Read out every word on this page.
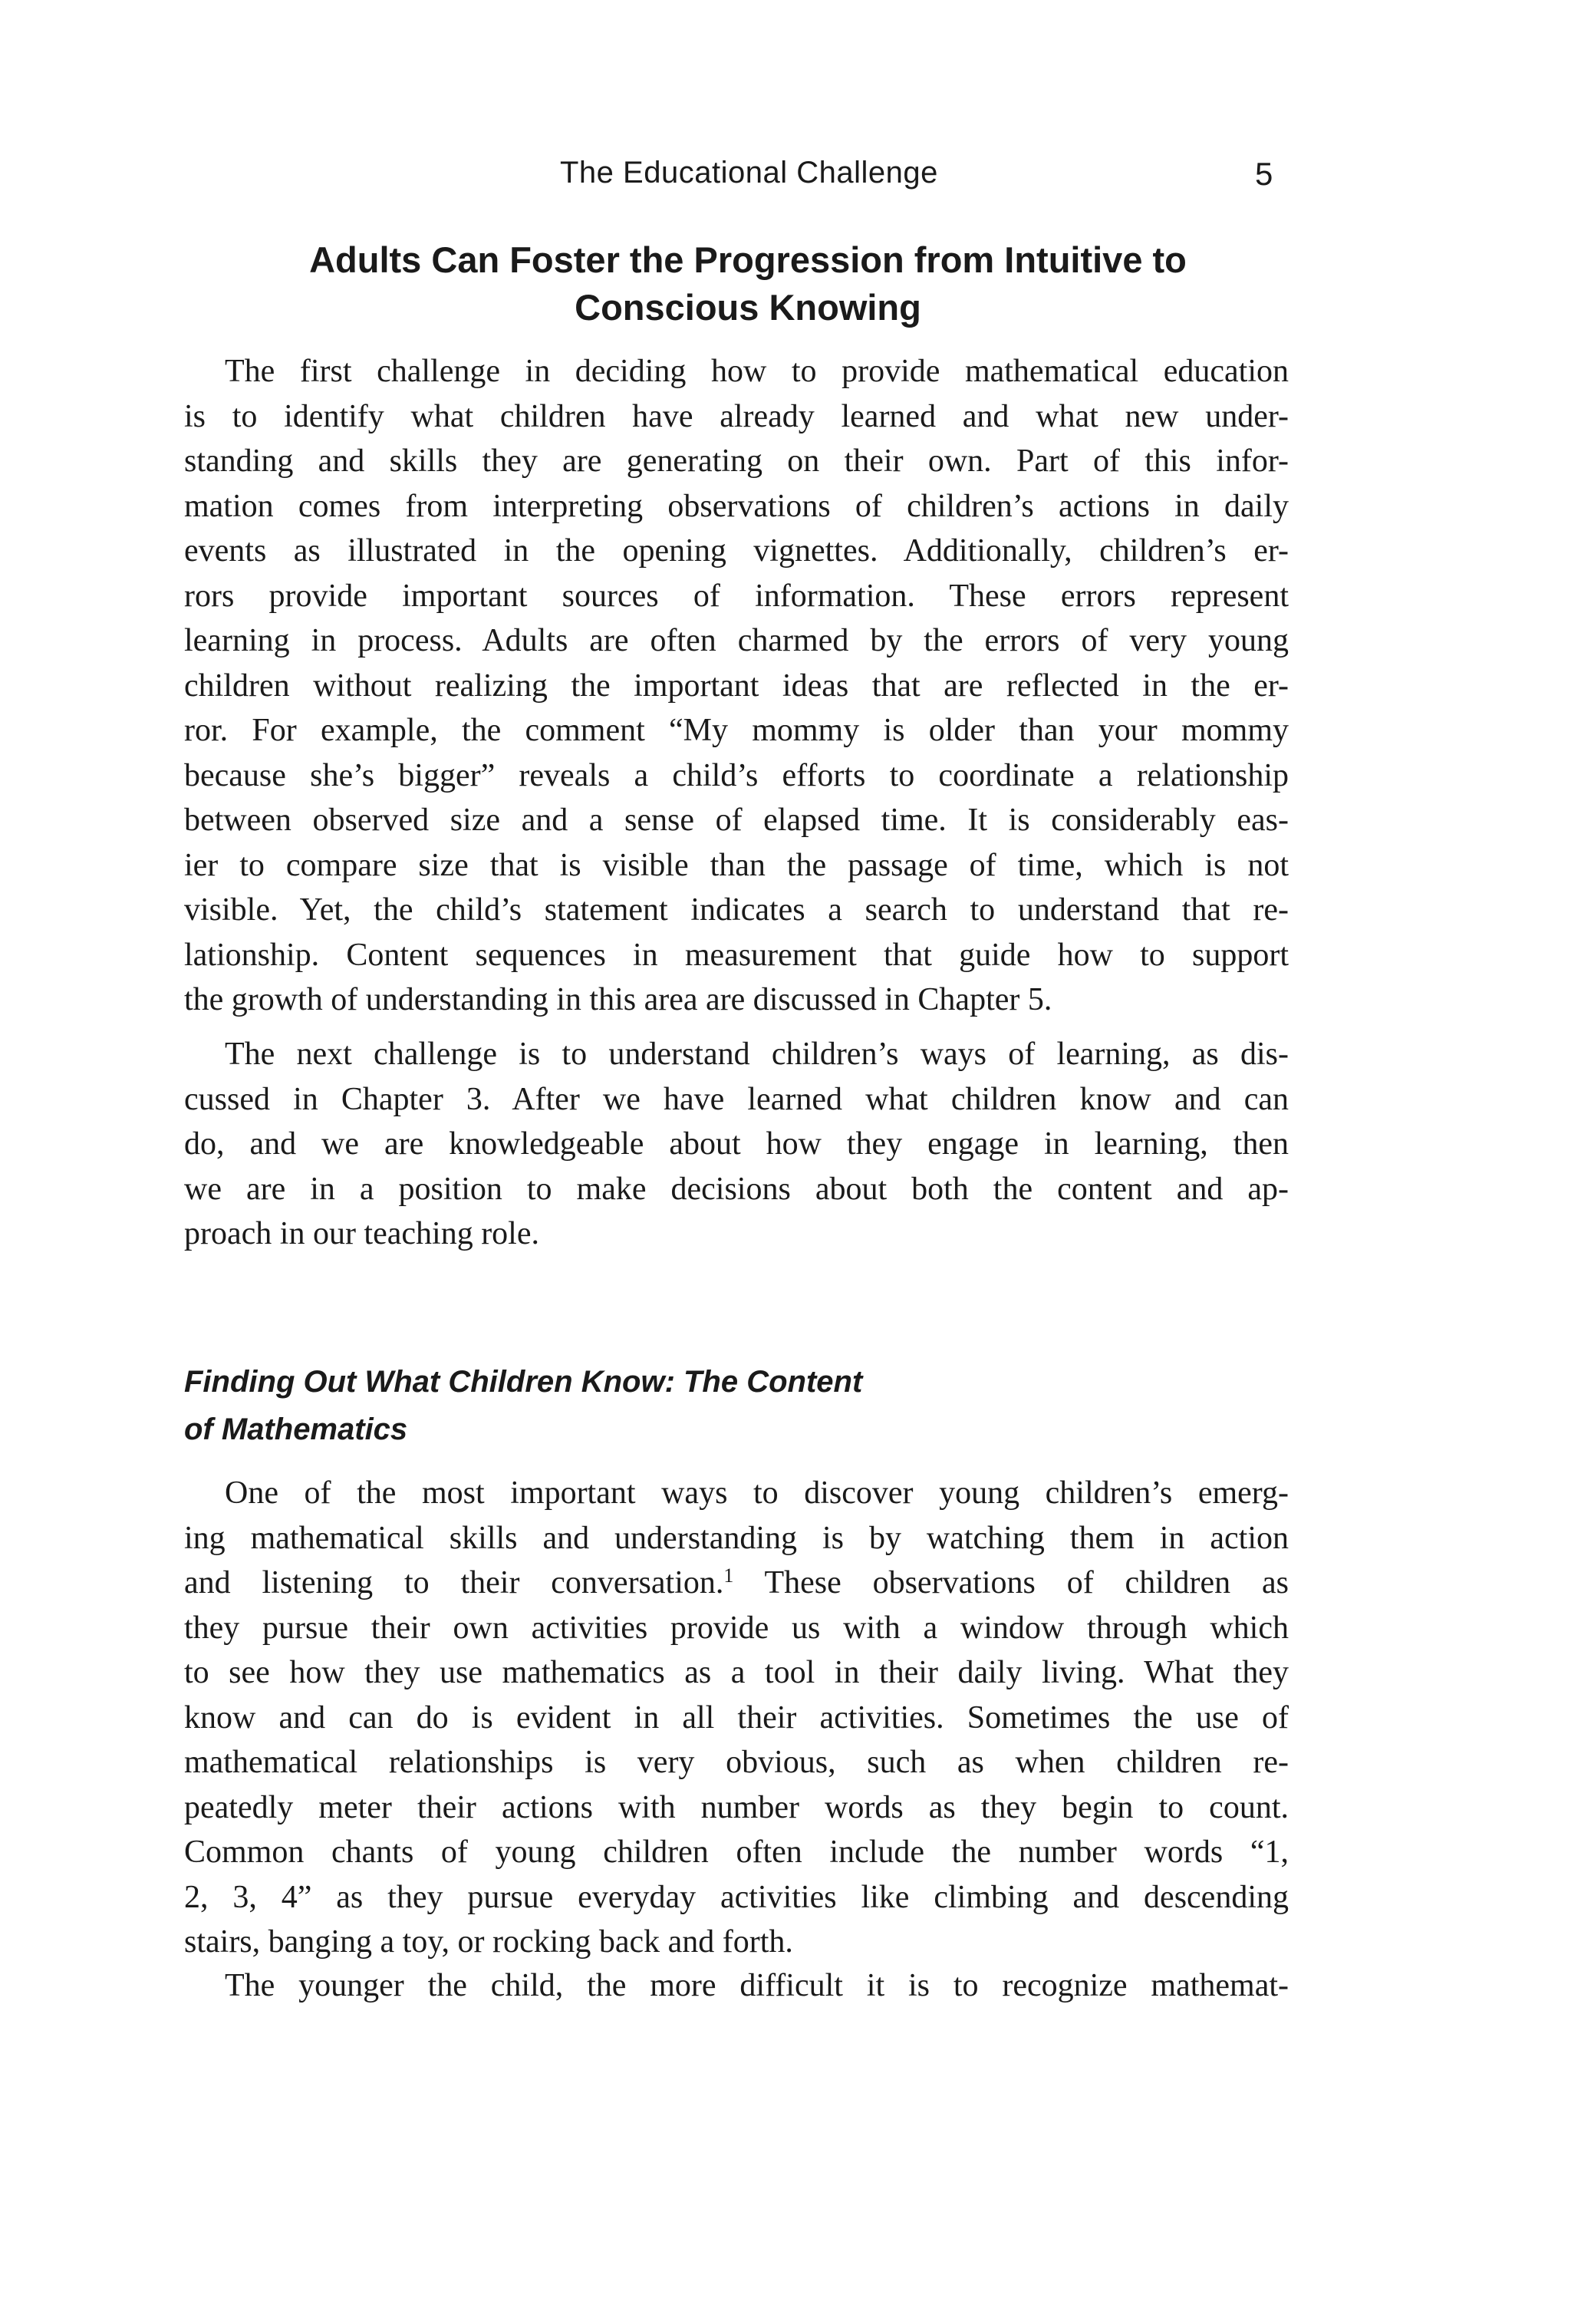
The Educational Challenge	5
Adults Can Foster the Progression from Intuitive to
Conscious Knowing
The first challenge in deciding how to provide mathematical education
is to identify what children have already learned and what new under-
standing and skills they are generating on their own. Part of this infor-
mation comes from interpreting observations of children’s actions in daily
events as illustrated in the opening vignettes. Additionally, children’s er-
rors provide important sources of information. These errors represent
learning in process. Adults are often charmed by the errors of very young
children without realizing the important ideas that are reflected in the er-
ror. For example, the comment “My mommy is older than your mommy
because she’s bigger” reveals a child’s efforts to coordinate a relationship
between observed size and a sense of elapsed time. It is considerably eas-
ier to compare size that is visible than the passage of time, which is not
visible. Yet, the child’s statement indicates a search to understand that re-
lationship. Content sequences in measurement that guide how to support
the growth of understanding in this area are discussed in Chapter 5.
The next challenge is to understand children’s ways of learning, as dis-
cussed in Chapter 3. After we have learned what children know and can
do, and we are knowledgeable about how they engage in learning, then
we are in a position to make decisions about both the content and ap-
proach in our teaching role.
Finding Out What Children Know: The Content
of Mathematics
One of the most important ways to discover young children’s emerg-
ing mathematical skills and understanding is by watching them in action
and listening to their conversation.$^1$ These observations of children as
they pursue their own activities provide us with a window through which
to see how they use mathematics as a tool in their daily living. What they
know and can do is evident in all their activities. Sometimes the use of
mathematical relationships is very obvious, such as when children re-
peatedly meter their actions with number words as they begin to count.
Common chants of young children often include the number words “1,
2, 3, 4” as they pursue everyday activities like climbing and descending
stairs, banging a toy, or rocking back and forth.
The younger the child, the more difficult it is to recognize mathemat-
